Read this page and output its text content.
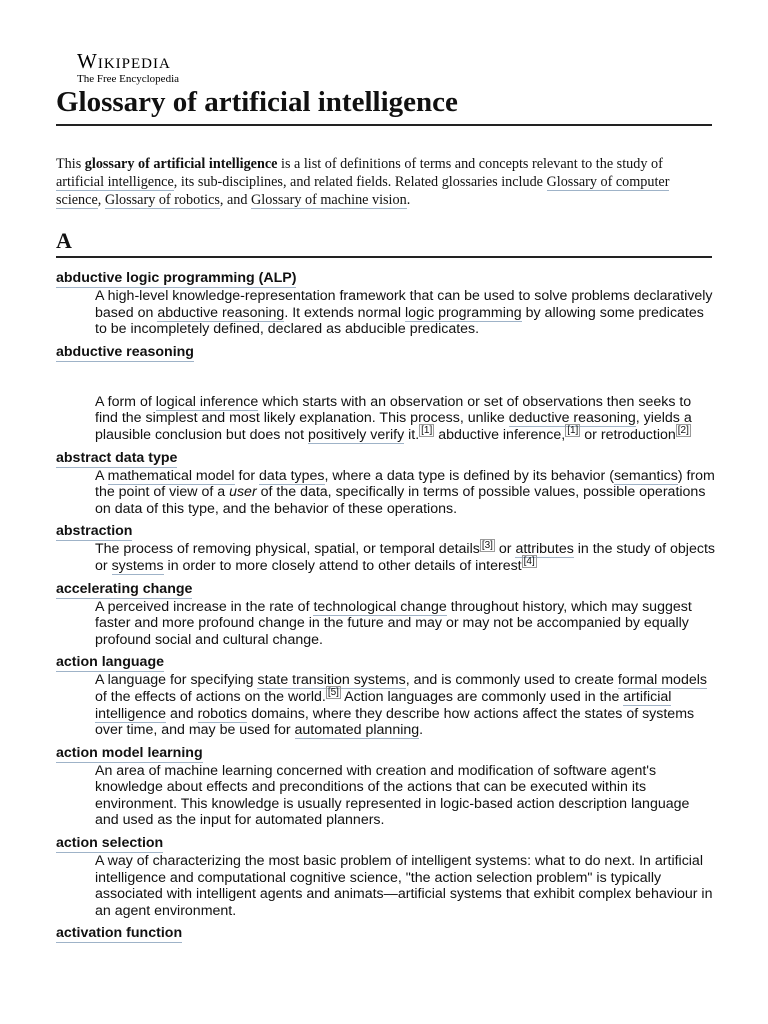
Wikipedia
The Free Encyclopedia
Glossary of artificial intelligence

This glossary of artificial intelligence is a list of definitions of terms and concepts relevant to the study of artificial intelligence, its sub-disciplines, and related fields. Related glossaries include Glossary of computer science, Glossary of robotics, and Glossary of machine vision.

A
abductive logic programming (ALP)

A high-level knowledge-representation framework that can be used to solve problems declaratively based on abductive reasoning. It extends normal logic programming by allowing some predicates to be incompletely defined, declared as abducible predicates.

abductive reasoning

A form of logical inference which starts with an observation or set of observations then seeks to find the simplest and most likely explanation. This process, unlike deductive reasoning, yields a plausible conclusion but does not positively verify it. [1] abductive inference, [1] or retroduction [2]

abstract data type

A mathematical model for data types, where a data type is defined by its behavior (semantics) from the point of view of a user of the data, specifically in terms of possible values, possible operations on data of this type, and the behavior of these operations.

abstraction

The process of removing physical, spatial, or temporal details [3] or attributes in the study of objects or systems in order to more closely attend to other details of interest [4]

accelerating change

A perceived increase in the rate of technological change throughout history, which may suggest faster and more profound change in the future and may or may not be accompanied by equally profound social and cultural change.

action language

A language for specifying state transition systems, and is commonly used to create formal models of the effects of actions on the world. [5] Action languages are commonly used in the artificial intelligence and robotics domains, where they describe how actions affect the states of systems over time, and may be used for automated planning.

action model learning

An area of machine learning concerned with creation and modification of software agent's knowledge about effects and preconditions of the actions that can be executed within its environment. This knowledge is usually represented in logic-based action description language and used as the input for automated planners.

action selection

A way of characterizing the most basic problem of intelligent systems: what to do next. In artificial intelligence and computational cognitive science, "the action selection problem" is typically associated with intelligent agents and animats—artificial systems that exhibit complex behaviour in an agent environment.

activation function
